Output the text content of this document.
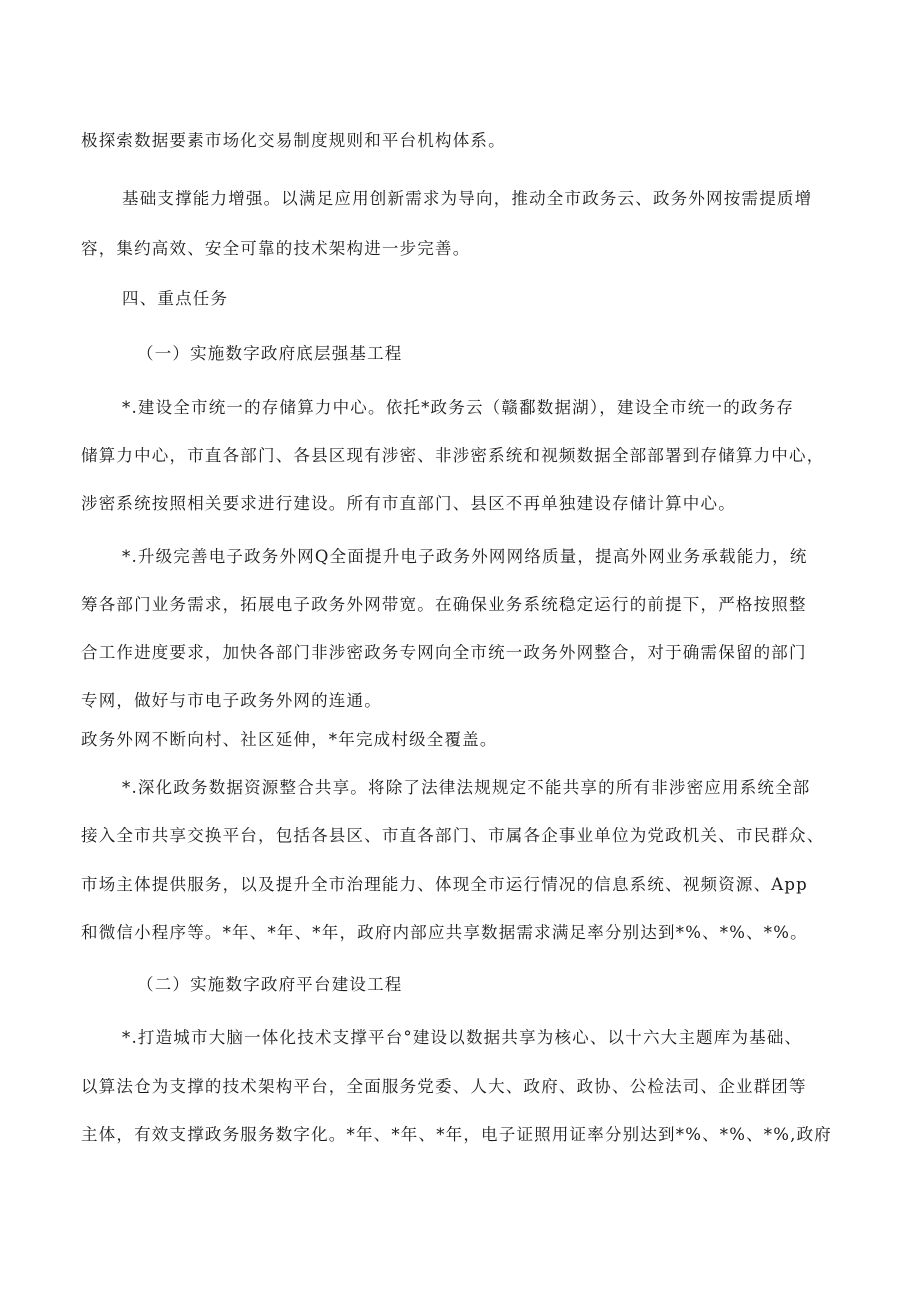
极探索数据要素市场化交易制度规则和平台机构体系。
基础支撑能力增强。以满足应用创新需求为导向，推动全市政务云、政务外网按需提质增
容，集约高效、安全可靠的技术架构进一步完善。
四、重点任务
（一）实施数字政府底层强基工程
*.建设全市统一的存储算力中心。依托*政务云（赣鄱数据湖），建设全市统一的政务存
储算力中心，市直各部门、各县区现有涉密、非涉密系统和视频数据全部部署到存储算力中心，
涉密系统按照相关要求进行建设。所有市直部门、县区不再单独建设存储计算中心。
*.升级完善电子政务外网Q全面提升电子政务外网网络质量，提高外网业务承载能力，统
筹各部门业务需求，拓展电子政务外网带宽。在确保业务系统稳定运行的前提下，严格按照整
合工作进度要求，加快各部门非涉密政务专网向全市统一政务外网整合，对于确需保留的部门
专网，做好与市电子政务外网的连通。
政务外网不断向村、社区延伸，*年完成村级全覆盖。
*.深化政务数据资源整合共享。将除了法律法规规定不能共享的所有非涉密应用系统全部
接入全市共享交换平台，包括各县区、市直各部门、市属各企事业单位为党政机关、市民群众、
市场主体提供服务，以及提升全市治理能力、体现全市运行情况的信息系统、视频资源、App
和微信小程序等。*年、*年、*年，政府内部应共享数据需求满足率分别达到*%、*%、*%。
（二）实施数字政府平台建设工程
*.打造城市大脑一体化技术支撑平台°建设以数据共享为核心、以十六大主题库为基础、
以算法仓为支撑的技术架构平台，全面服务党委、人大、政府、政协、公检法司、企业群团等
主体，有效支撑政务服务数字化。*年、*年、*年，电子证照用证率分别达到*%、*%、*%,政府
